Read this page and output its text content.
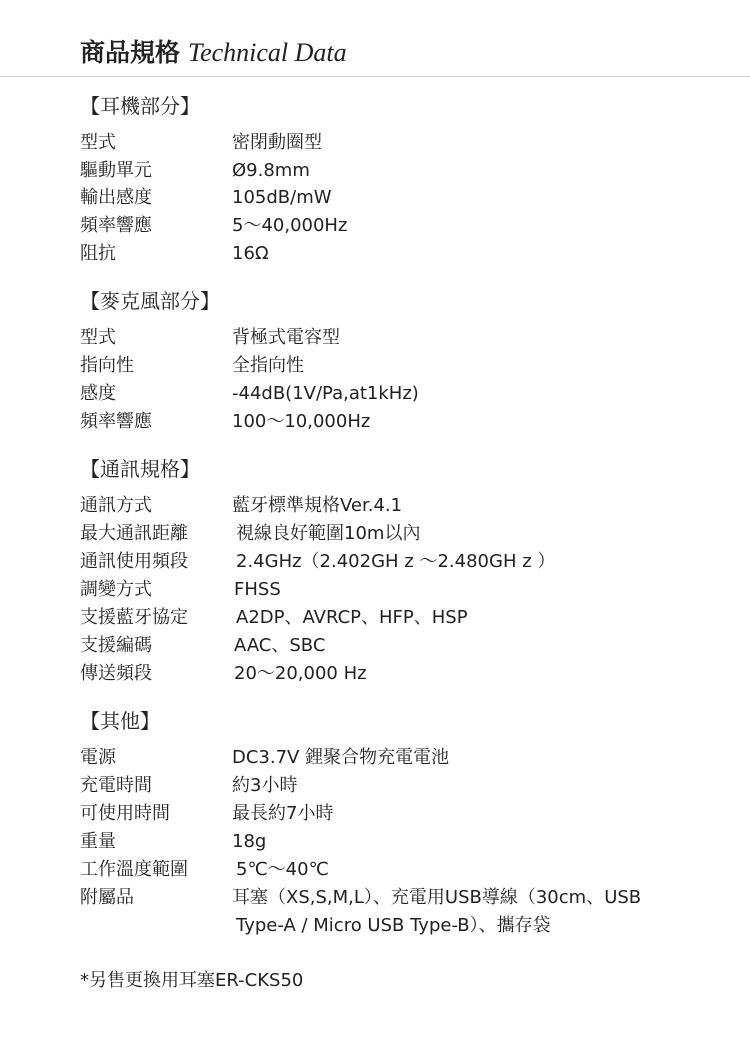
商品規格 Technical Data
【耳機部分】
型式	密閉動圈型
驅動單元	Ø9.8mm
輸出感度	105dB/mW
頻率響應	5～40,000Hz
阻抗	16Ω
【麥克風部分】
型式	背極式電容型
指向性	全指向性
感度	-44dB(1V/Pa,at1kHz)
頻率響應	100～10,000Hz
【通訊規格】
通訊方式	藍牙標準規格Ver.4.1
最大通訊距離	視線良好範圍10m以內
通訊使用頻段	2.4GHz（2.402GH z ～2.480GH z ）
調變方式	FHSS
支援藍牙協定	A2DP、AVRCP、HFP、HSP
支援編碼	AAC、SBC
傳送頻段	20～20,000 Hz
【其他】
電源	DC3.7V 鋰聚合物充電電池
充電時間	約3小時
可使用時間	最長約7小時
重量	18g
工作溫度範圍	5℃～40℃
附屬品	耳塞（XS,S,M,L）、充電用USB導線（30cm、USB
Type-A / Micro USB Type-B）、攜存袋
*另售更換用耳塞ER-CKS50
